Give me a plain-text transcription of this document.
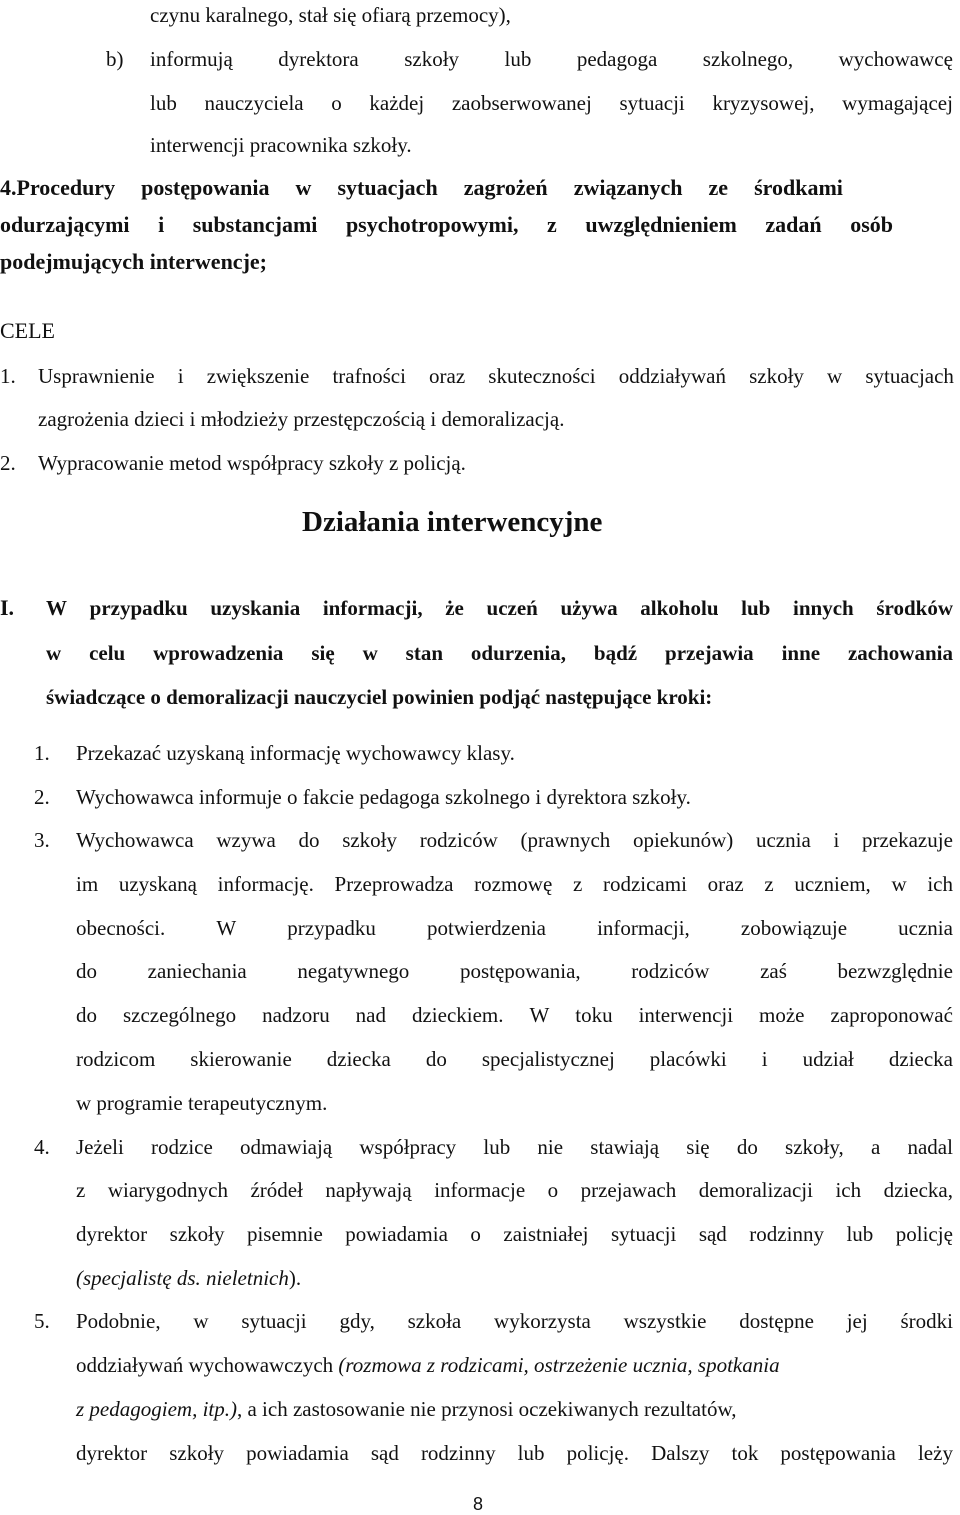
czynu karalnego, stał się ofiarą przemocy),
b) informują dyrektora szkoły lub pedagoga szkolnego, wychowawcę
lub nauczyciela o każdej zaobserwowanej sytuacji kryzysowej, wymagającej
interwencji pracownika szkoły.
4.Procedury postępowania w sytuacjach zagrożeń związanych ze środkami
odurzającymi i substancjami psychotropowymi, z uwzględnieniem zadań osób
podejmujących interwencje;
CELE
1. Usprawnienie i zwiększenie trafności oraz skuteczności oddziaływań szkoły w sytuacjach
zagrożenia dzieci i młodzieży przestępczością i demoralizacją.
2. Wypracowanie metod współpracy szkoły z policją.
Działania interwencyjne
I. W przypadku uzyskania informacji, że uczeń używa alkoholu lub innych środków
w celu wprowadzenia się w stan odurzenia, bądź przejawia inne zachowania
świadczące o demoralizacji nauczyciel powinien podjąć następujące kroki:
1. Przekazać uzyskaną informację wychowawcy klasy.
2. Wychowawca informuje o fakcie pedagoga szkolnego i dyrektora szkoły.
3. Wychowawca wzywa do szkoły rodziców (prawnych opiekunów) ucznia i przekazuje
im uzyskaną informację. Przeprowadza rozmowę z rodzicami oraz z uczniem, w ich
obecności. W przypadku potwierdzenia informacji, zobowiązuje ucznia
do zaniechania negatywnego postępowania, rodziców zaś bezwzględnie
do szczególnego nadzoru nad dzieckiem. W toku interwencji może zaproponować
rodzicom skierowanie dziecka do specjalistycznej placówki i udział dziecka
w programie terapeutycznym.
4. Jeżeli rodzice odmawiają współpracy lub nie stawiają się do szkoły, a nadal
z wiarygodnych źródeł napływają informacje o przejawach demoralizacji ich dziecka,
dyrektor szkoły pisemnie powiadamia o zaistniałej sytuacji sąd rodzinny lub policję
(specjalistę ds. nieletnich).
5. Podobnie, w sytuacji gdy, szkoła wykorzysta wszystkie dostępne jej środki
oddziaływań wychowawczych (rozmowa z rodzicami, ostrzeżenie ucznia, spotkania
z pedagogiem, itp.), a ich zastosowanie nie przynosi oczekiwanych rezultatów,
dyrektor szkoły powiadamia sąd rodzinny lub policję. Dalszy tok postępowania leży
8
